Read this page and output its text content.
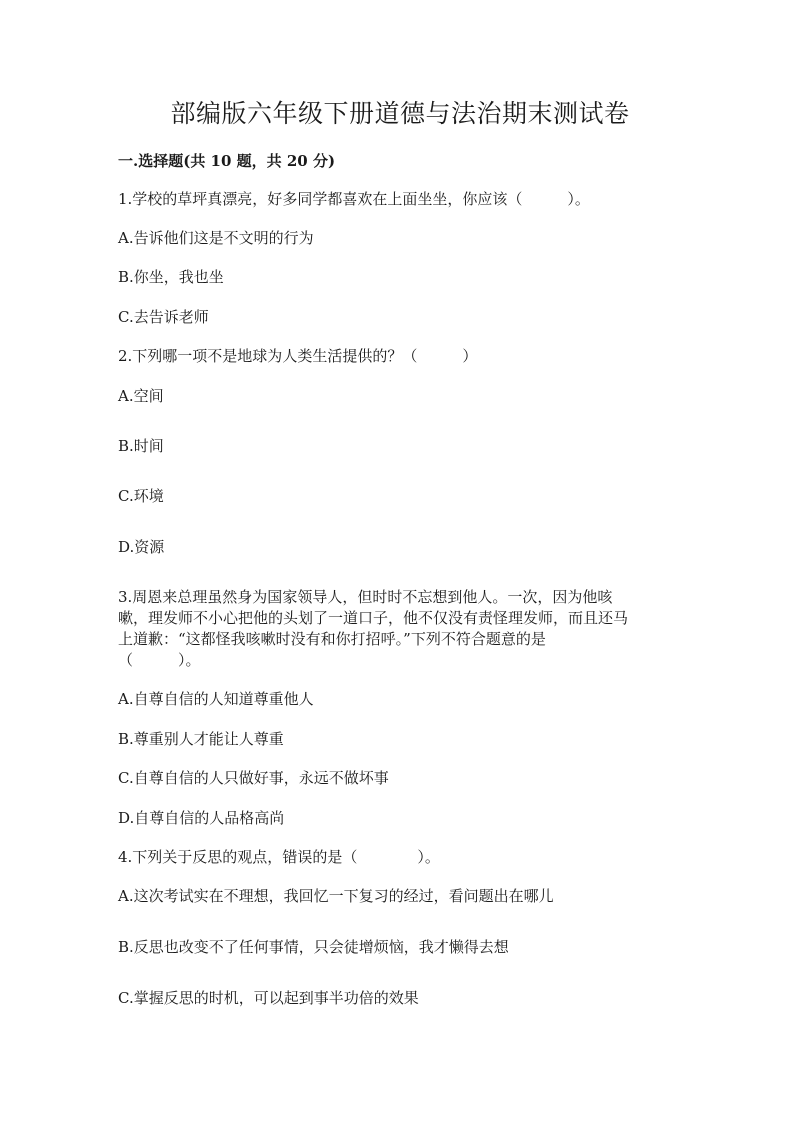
部编版六年级下册道德与法治期末测试卷
一.选择题(共 10 题，共 20 分)
1.学校的草坪真漂亮，好多同学都喜欢在上面坐坐，你应该（　　　）。
A.告诉他们这是不文明的行为
B.你坐，我也坐
C.去告诉老师
2.下列哪一项不是地球为人类生活提供的？（　　　）
A.空间
B.时间
C.环境
D.资源
3.周恩来总理虽然身为国家领导人，但时时不忘想到他人。一次，因为他咳
嗽，理发师不小心把他的头划了一道口子，他不仅没有责怪理发师，而且还马
上道歉：“这都怪我咳嗽时没有和你打招呼。”下列不符合题意的是
（　　　）。
A.自尊自信的人知道尊重他人
B.尊重别人才能让人尊重
C.自尊自信的人只做好事，永远不做坏事
D.自尊自信的人品格高尚
4.下列关于反思的观点，错误的是（　　　　）。
A.这次考试实在不理想，我回忆一下复习的经过，看问题出在哪儿
B.反思也改变不了任何事情，只会徒增烦恼，我才懒得去想
C.掌握反思的时机，可以起到事半功倍的效果
